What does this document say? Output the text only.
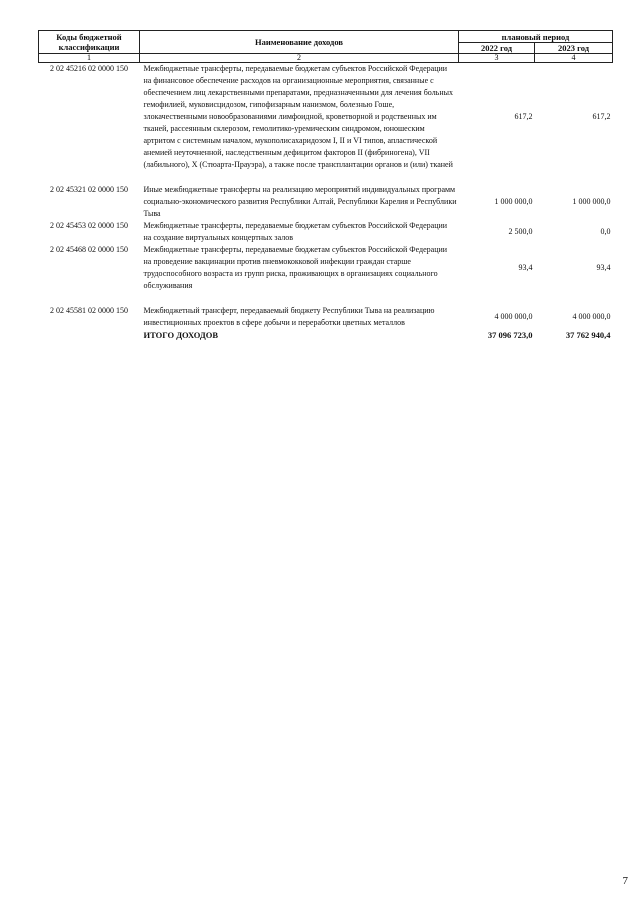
Коды бюджетной классификации	Наименование доходов	плановый период	
		2022 год	2023 год
1	2	3	4
2 02 45216 02 0000 150	Межбюджетные трансферты, передаваемые бюджетам субъектов Российской Федерации на финансовое обеспечение расходов на организационные мероприятия, связанные с обеспечением лиц лекарственными препаратами, предназначенными для лечения больных гемофилией, муковисцидозом, гипофизарным нанизмом, болезнью Гоше, злокачественными новообразованиями лимфоидной, кроветворной и родственных им тканей, рассеянным склерозом, гемолитико-уремическим синдромом, юношеским артритом с системным началом, мукополисахаридозом I, II и VI типов, апластической анемией неуточненной, наследственным дефицитом факторов II (фибриногена), VII (лабильного), X (Стюарта-Прауэра), а также после трансплантации органов и (или) тканей	617,2	617,2

2 02 45321 02 0000 150	Иные межбюджетные трансферты на реализацию мероприятий индивидуальных программ социально-экономического развития Республики Алтай, Республики Карелия и Республики Тыва	1 000 000,0	1 000 000,0
2 02 45453 02 0000 150	Межбюджетные трансферты, передаваемые бюджетам субъектов Российской Федерации на создание виртуальных концертных залов	2 500,0	0,0
2 02 45468 02 0000 150	Межбюджетные трансферты, передаваемые бюджетам субъектов Российской Федерации на проведение вакцинации против пневмококковой инфекции граждан старше трудоспособного возраста из групп риска, проживающих в организациях социального обслуживания	93,4	93,4

2 02 45581 02 0000 150	Межбюджетный трансферт, передаваемый бюджету Республики Тыва на реализацию инвестиционных проектов в сфере добычи и переработки цветных металлов	4 000 000,0	4 000 000,0
	ИТОГО ДОХОДОВ	37 096 723,0	37 762 940,4
7
